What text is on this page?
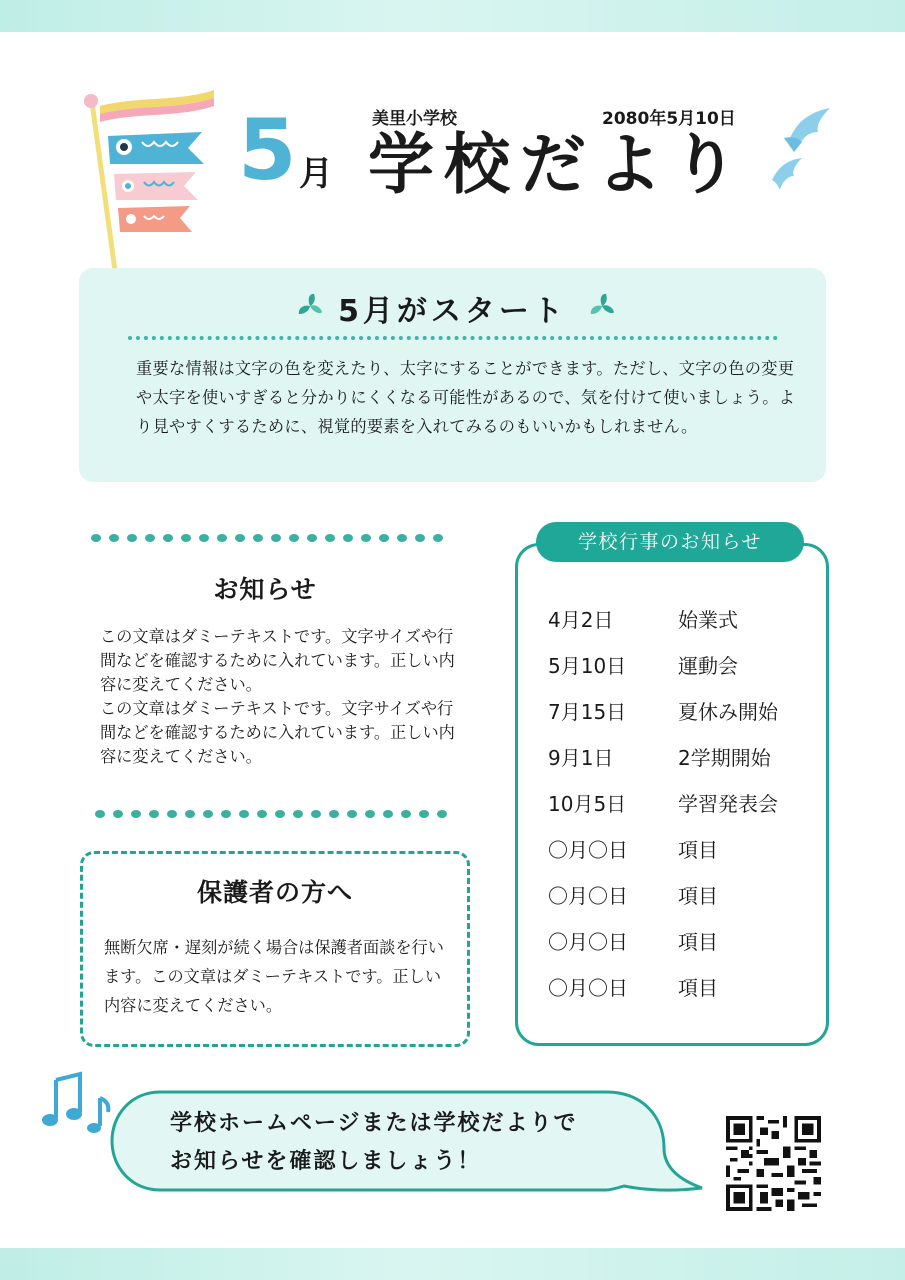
美里小学校	2080年5月10日
5 月 学校だより
5月がスタート
重要な情報は文字の色を変えたり、太字にすることができます。ただし、文字の色の変更や太字を使いすぎると分かりにくくなる可能性があるので、気を付けて使いましょう。より見やすくするために、視覚的要素を入れてみるのもいいかもしれません。
お知らせ

この文章はダミーテキストです。文字サイズや行間などを確認するために入れています。正しい内容に変えてください。

この文章はダミーテキストです。文字サイズや行間などを確認するために入れています。正しい内容に変えてください。

保護者の方へ
無断欠席・遅刻が続く場合は保護者面談を行います。この文章はダミーテキストです。正しい内容に変えてください。
学校行事のお知らせ
4月2日	始業式
5月10日	運動会
7月15日	夏休み開始
9月1日	2学期開始
10月5日	学習発表会
〇月〇日	項目
〇月〇日	項目
〇月〇日	項目
〇月〇日	項目
学校ホームページまたは学校だよりで
お知らせを確認しましょう！
